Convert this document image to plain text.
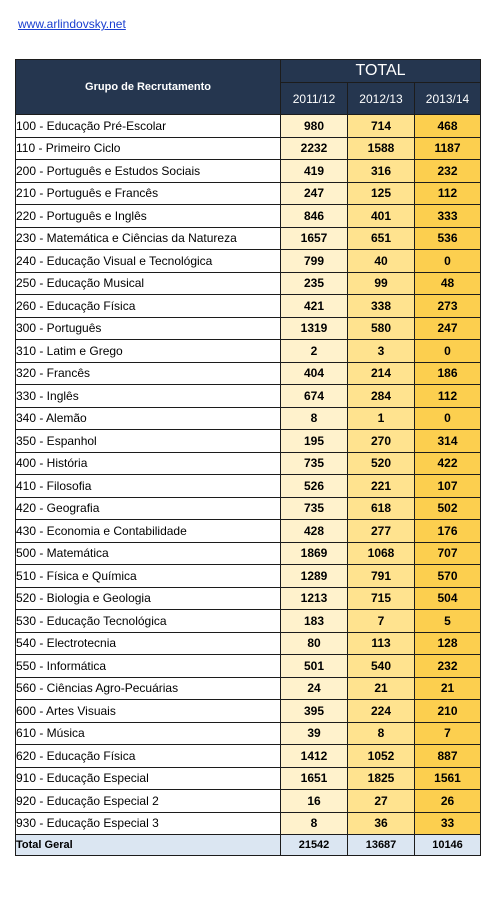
www.arlindovsky.net
Grupo de Recrutamento	TOTAL		
	2011/12	2012/13	2013/14
100 - Educação Pré-Escolar	980	714	468
110 - Primeiro Ciclo	2232	1588	1187
200 - Português e Estudos Sociais	419	316	232
210 - Português e Francês	247	125	112
220 - Português e Inglês	846	401	333
230 - Matemática e Ciências da Natureza	1657	651	536
240 - Educação Visual e Tecnológica	799	40	0
250 - Educação Musical	235	99	48
260 - Educação Física	421	338	273
300 - Português	1319	580	247
310 - Latim e Grego	2	3	0
320 - Francês	404	214	186
330 - Inglês	674	284	112
340 - Alemão	8	1	0
350 - Espanhol	195	270	314
400 - História	735	520	422
410 - Filosofia	526	221	107
420 - Geografia	735	618	502
430 - Economia e Contabilidade	428	277	176
500 - Matemática	1869	1068	707
510 - Física e Química	1289	791	570
520 - Biologia e Geologia	1213	715	504
530 - Educação Tecnológica	183	7	5
540 - Electrotecnia	80	113	128
550 - Informática	501	540	232
560 - Ciências Agro-Pecuárias	24	21	21
600 - Artes Visuais	395	224	210
610 - Música	39	8	7
620 - Educação Física	1412	1052	887
910 - Educação Especial	1651	1825	1561
920 - Educação Especial 2	16	27	26
930 - Educação Especial 3	8	36	33
Total Geral	21542	13687	10146
